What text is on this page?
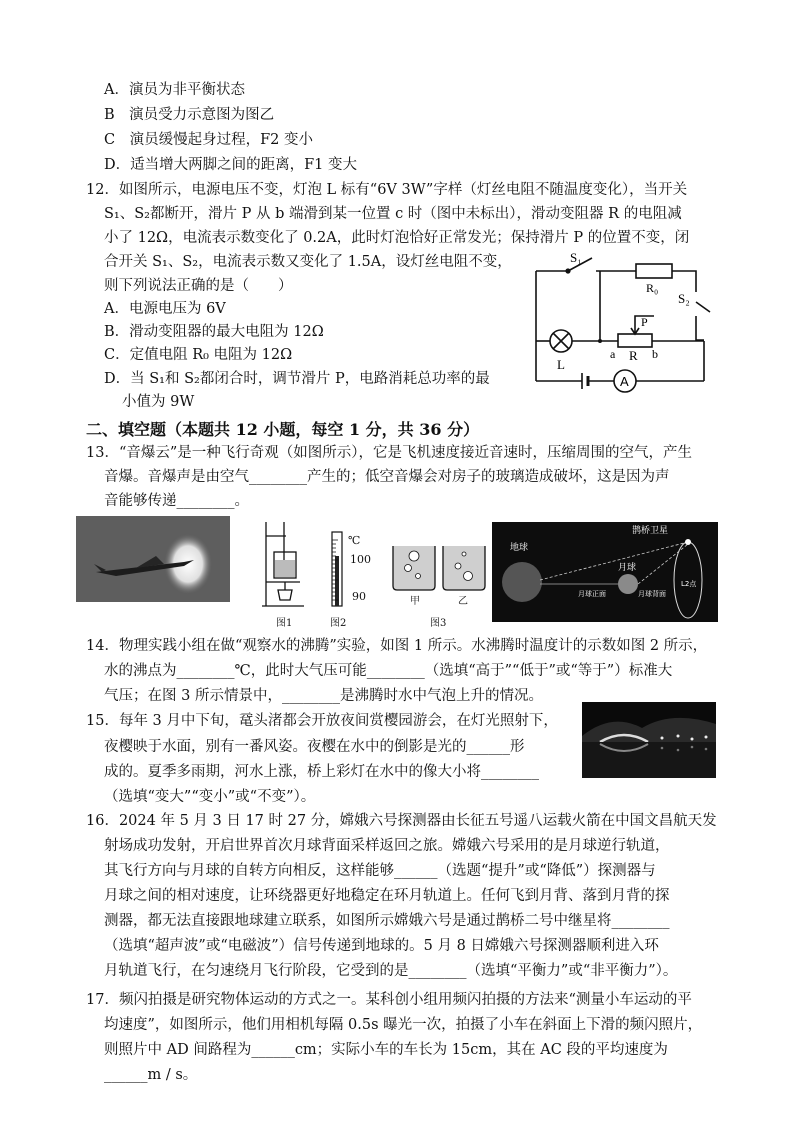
A．演员为非平衡状态
B　演员受力示意图为图乙
C　演员缓慢起身过程，F2 变小
D．适当增大两脚之间的距离，F1 变大
12．如图所示，电源电压不变，灯泡 L 标有“6V 3W”字样（灯丝电阻不随温度变化），当开关
S₁、S₂都断开，滑片 P 从 b 端滑到某一位置 c 时（图中未标出），滑动变阻器 R 的电阻减
小了 12Ω，电流表示数变化了 0.2A，此时灯泡恰好正常发光；保持滑片 P 的位置不变，闭
合开关 S₁、S₂，电流表示数又变化了 1.5A，设灯丝电阻不变，
则下列说法正确的是（　　）
A．电源电压为 6V
B．滑动变阻器的最大电阻为 12Ω
C．定值电阻 R₀ 电阻为 12Ω
D．当 S₁和 S₂都闭合时，调节滑片 P，电路消耗总功率的最
小值为 9W
S₁
R₀
S₂
P
a R b
L
A
二、填空题（本题共 12 小题，每空 1 分，共 36 分）
13．“音爆云”是一种飞行奇观（如图所示），它是飞机速度接近音速时，压缩周围的空气，产生
音爆。音爆声是由空气________产生的；低空音爆会对房子的玻璃造成破坏，这是因为声
音能够传递________。
图1
℃
100
90
图2
甲	乙
图3
鹊桥卫星
地球
月球
月球正面	月球背面
L2点
14．物理实践小组在做“观察水的沸腾”实验，如图 1 所示。水沸腾时温度计的示数如图 2 所示，
水的沸点为________℃，此时大气压可能________（选填“高于”“低于”或“等于”）标准大
气压；在图 3 所示情景中，________是沸腾时水中气泡上升的情况。
15．每年 3 月中下旬，鼋头渚都会开放夜间赏樱园游会，在灯光照射下，
夜樱映于水面，别有一番风姿。夜樱在水中的倒影是光的______形
成的。夏季多雨期，河水上涨，桥上彩灯在水中的像大小将________
（选填“变大”“变小”或“不变”）。
16．2024 年 5 月 3 日 17 时 27 分，嫦娥六号探测器由长征五号遥八运载火箭在中国文昌航天发
射场成功发射，开启世界首次月球背面采样返回之旅。嫦娥六号采用的是月球逆行轨道，
其飞行方向与月球的自转方向相反，这样能够______（选题“提升”或“降低”）探测器与
月球之间的相对速度，让环绕器更好地稳定在环月轨道上。任何飞到月背、落到月背的探
测器，都无法直接跟地球建立联系，如图所示嫦娥六号是通过鹊桥二号中继星将________
（选填“超声波”或“电磁波”）信号传递到地球的。5 月 8 日嫦娥六号探测器顺利进入环
月轨道飞行，在匀速绕月飞行阶段，它受到的是________（选填“平衡力”或“非平衡力”）。
17．频闪拍摄是研究物体运动的方式之一。某科创小组用频闪拍摄的方法来“测量小车运动的平
均速度”，如图所示，他们用相机每隔 0.5s 曝光一次，拍摄了小车在斜面上下滑的频闪照片，
则照片中 AD 间路程为______cm；实际小车的车长为 15cm，其在 AC 段的平均速度为
______m / s。
